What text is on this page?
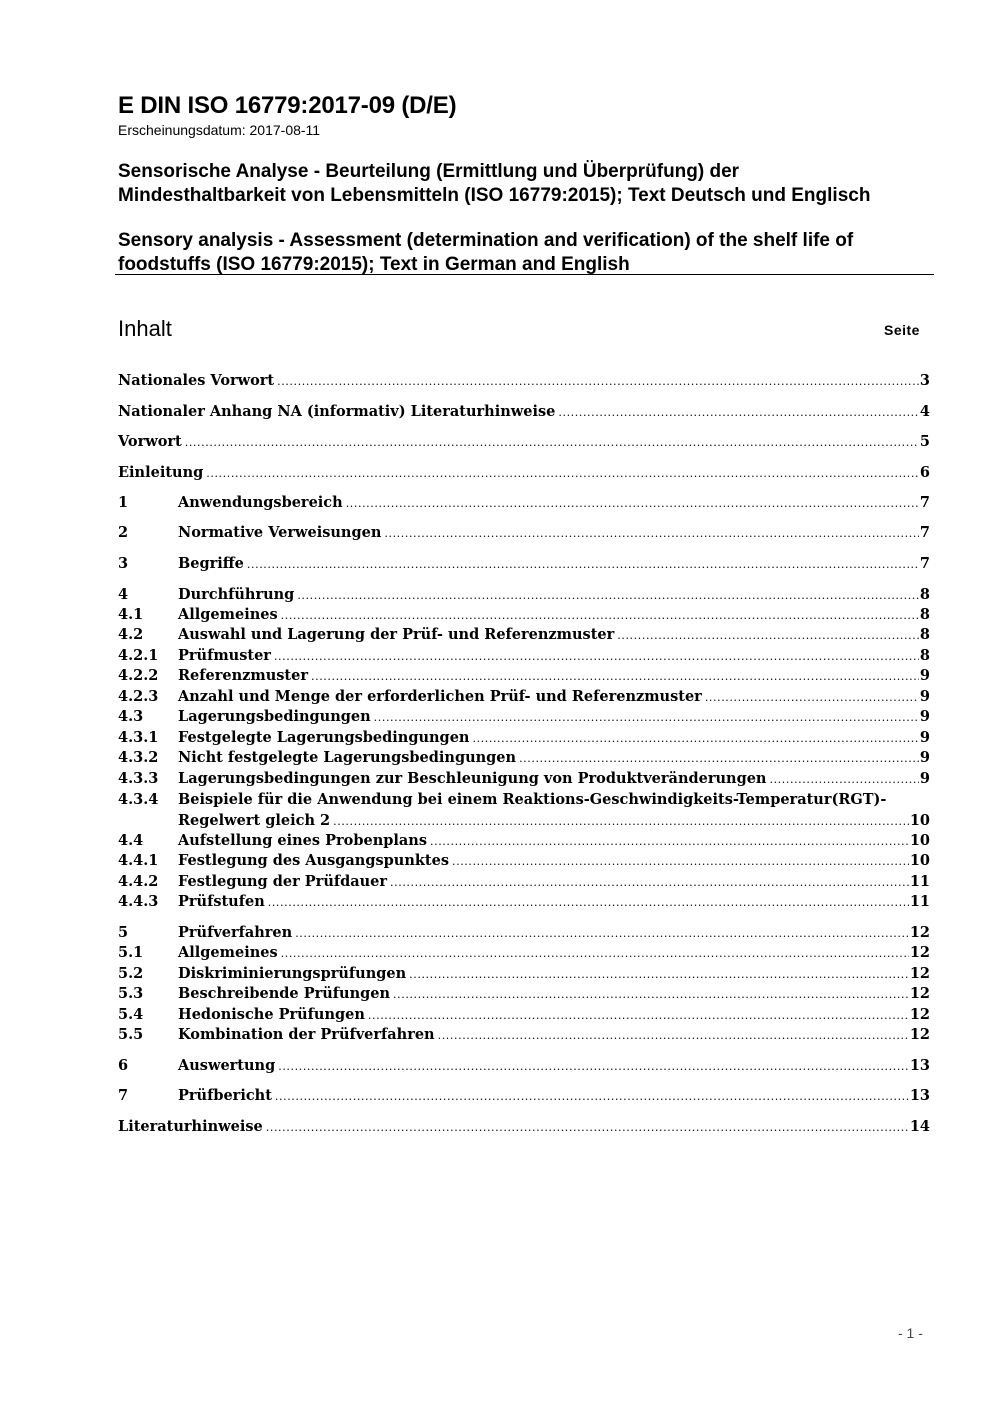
E DIN ISO 16779:2017-09 (D/E)
Erscheinungsdatum: 2017-08-11
Sensorische Analyse - Beurteilung (Ermittlung und Überprüfung) der
Mindesthaltbarkeit von Lebensmitteln (ISO 16779:2015); Text Deutsch und Englisch
Sensory analysis - Assessment (determination and verification) of the shelf life of
foodstuffs (ISO 16779:2015); Text in German and English
Inhalt	Seite
Nationales Vorwort .....	3
Nationaler Anhang NA (informativ) Literaturhinweise .....	4
Vorwort .....	5
Einleitung .....	6
1	Anwendungsbereich .....	7
2	Normative Verweisungen .....	7
3	Begriffe .....	7
4	Durchführung .....	8
4.1	Allgemeines .....	8
4.2	Auswahl und Lagerung der Prüf- und Referenzmuster .....	8
4.2.1	Prüfmuster .....	8
4.2.2	Referenzmuster .....	9
4.2.3	Anzahl und Menge der erforderlichen Prüf- und Referenzmuster .....	9
4.3	Lagerungsbedingungen .....	9
4.3.1	Festgelegte Lagerungsbedingungen .....	9
4.3.2	Nicht festgelegte Lagerungsbedingungen .....	9
4.3.3	Lagerungsbedingungen zur Beschleunigung von Produktveränderungen .....	9
4.3.4	Beispiele für die Anwendung bei einem Reaktions-Geschwindigkeits-Temperatur(RGT)-
Regelwert gleich 2 .....	10
4.4	Aufstellung eines Probenplans .....	10
4.4.1	Festlegung des Ausgangspunktes .....	10
4.4.2	Festlegung der Prüfdauer .....	11
4.4.3	Prüfstufen .....	11
5	Prüfverfahren .....	12
5.1	Allgemeines .....	12
5.2	Diskriminierungsprüfungen .....	12
5.3	Beschreibende Prüfungen .....	12
5.4	Hedonische Prüfungen .....	12
5.5	Kombination der Prüfverfahren .....	12
6	Auswertung .....	13
7	Prüfbericht .....	13
Literaturhinweise .....	14
- 1 -
